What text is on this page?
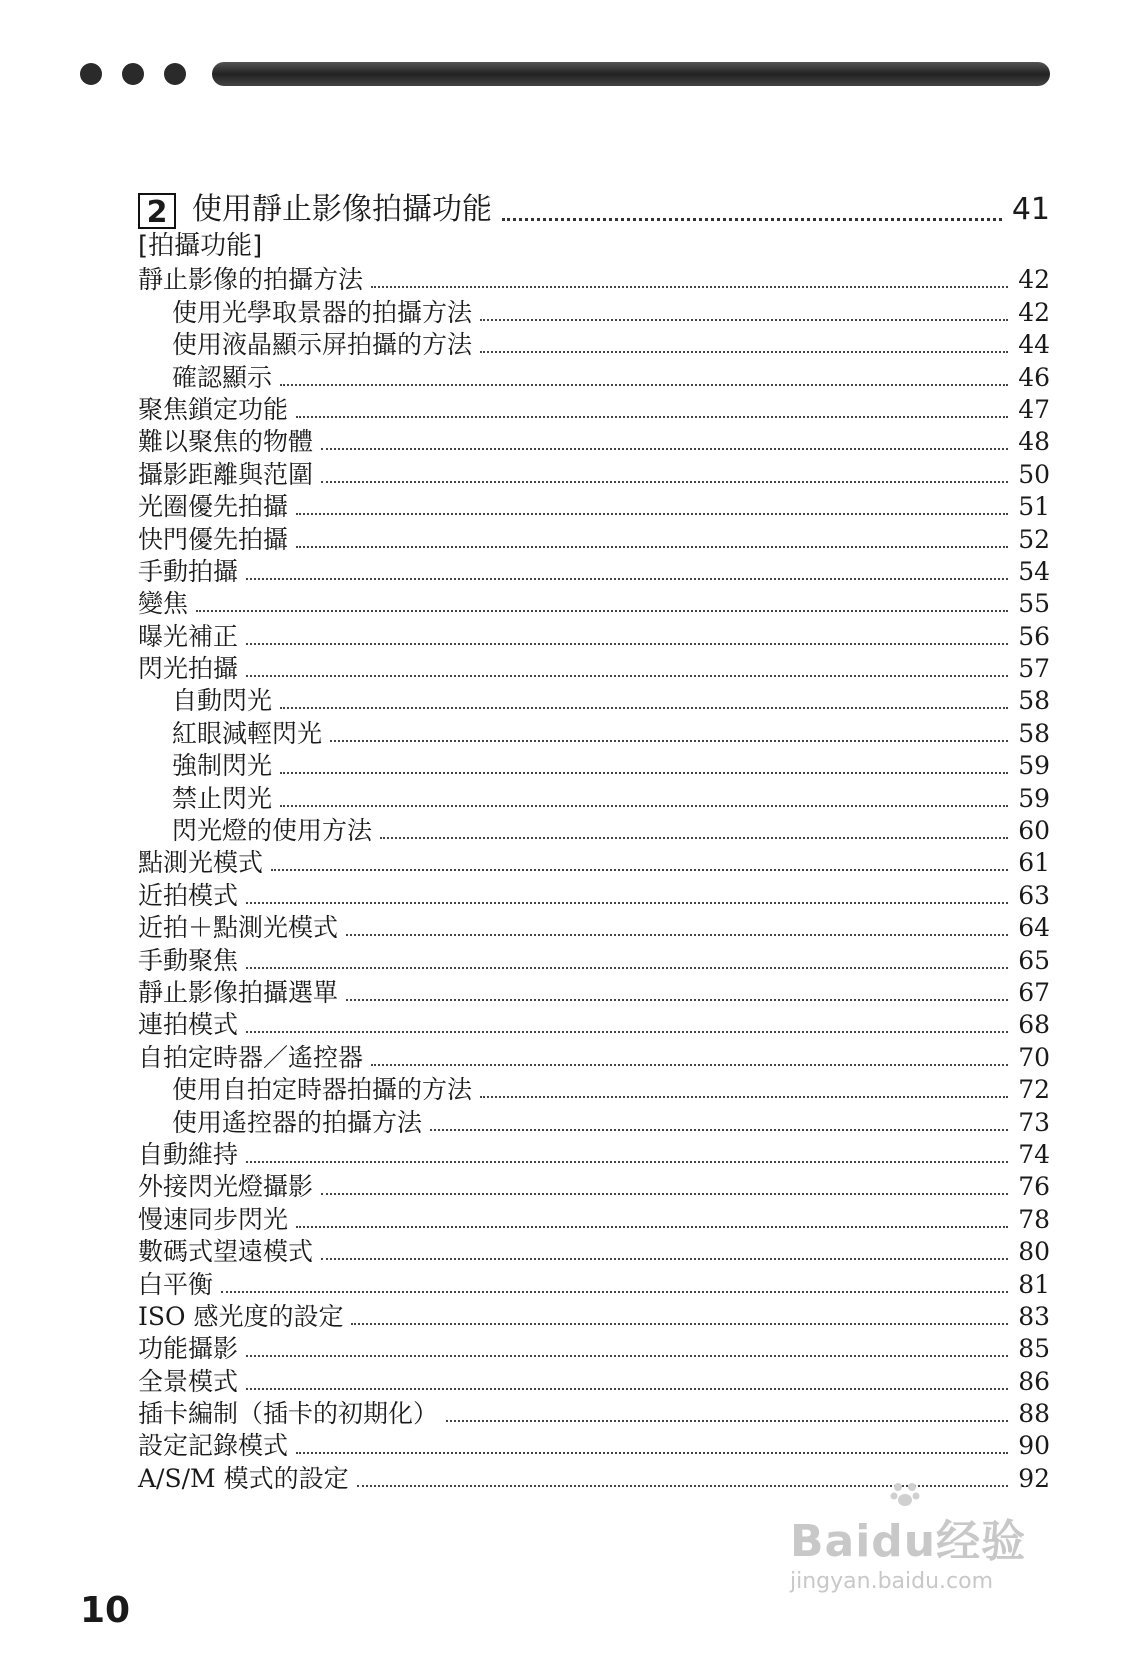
2 使用靜止影像拍攝功能	41
[拍攝功能]
靜止影像的拍攝方法	42
使用光學取景器的拍攝方法	42
使用液晶顯示屏拍攝的方法	44
確認顯示	46
聚焦鎖定功能	47
難以聚焦的物體	48
攝影距離與范圍	50
光圈優先拍攝	51
快門優先拍攝	52
手動拍攝	54
變焦	55
曝光補正	56
閃光拍攝	57
自動閃光	58
紅眼減輕閃光	58
強制閃光	59
禁止閃光	59
閃光燈的使用方法	60
點測光模式	61
近拍模式	63
近拍＋點測光模式	64
手動聚焦	65
靜止影像拍攝選單	67
連拍模式	68
自拍定時器／遙控器	70
使用自拍定時器拍攝的方法	72
使用遙控器的拍攝方法	73
自動維持	74
外接閃光燈攝影	76
慢速同步閃光	78
數碼式望遠模式	80
白平衡	81
ISO 感光度的設定	83
功能攝影	85
全景模式	86
插卡編制（插卡的初期化）	88
設定記錄模式	90
A/S/M 模式的設定	92
10
Baidu经验
jingyan.baidu.com
